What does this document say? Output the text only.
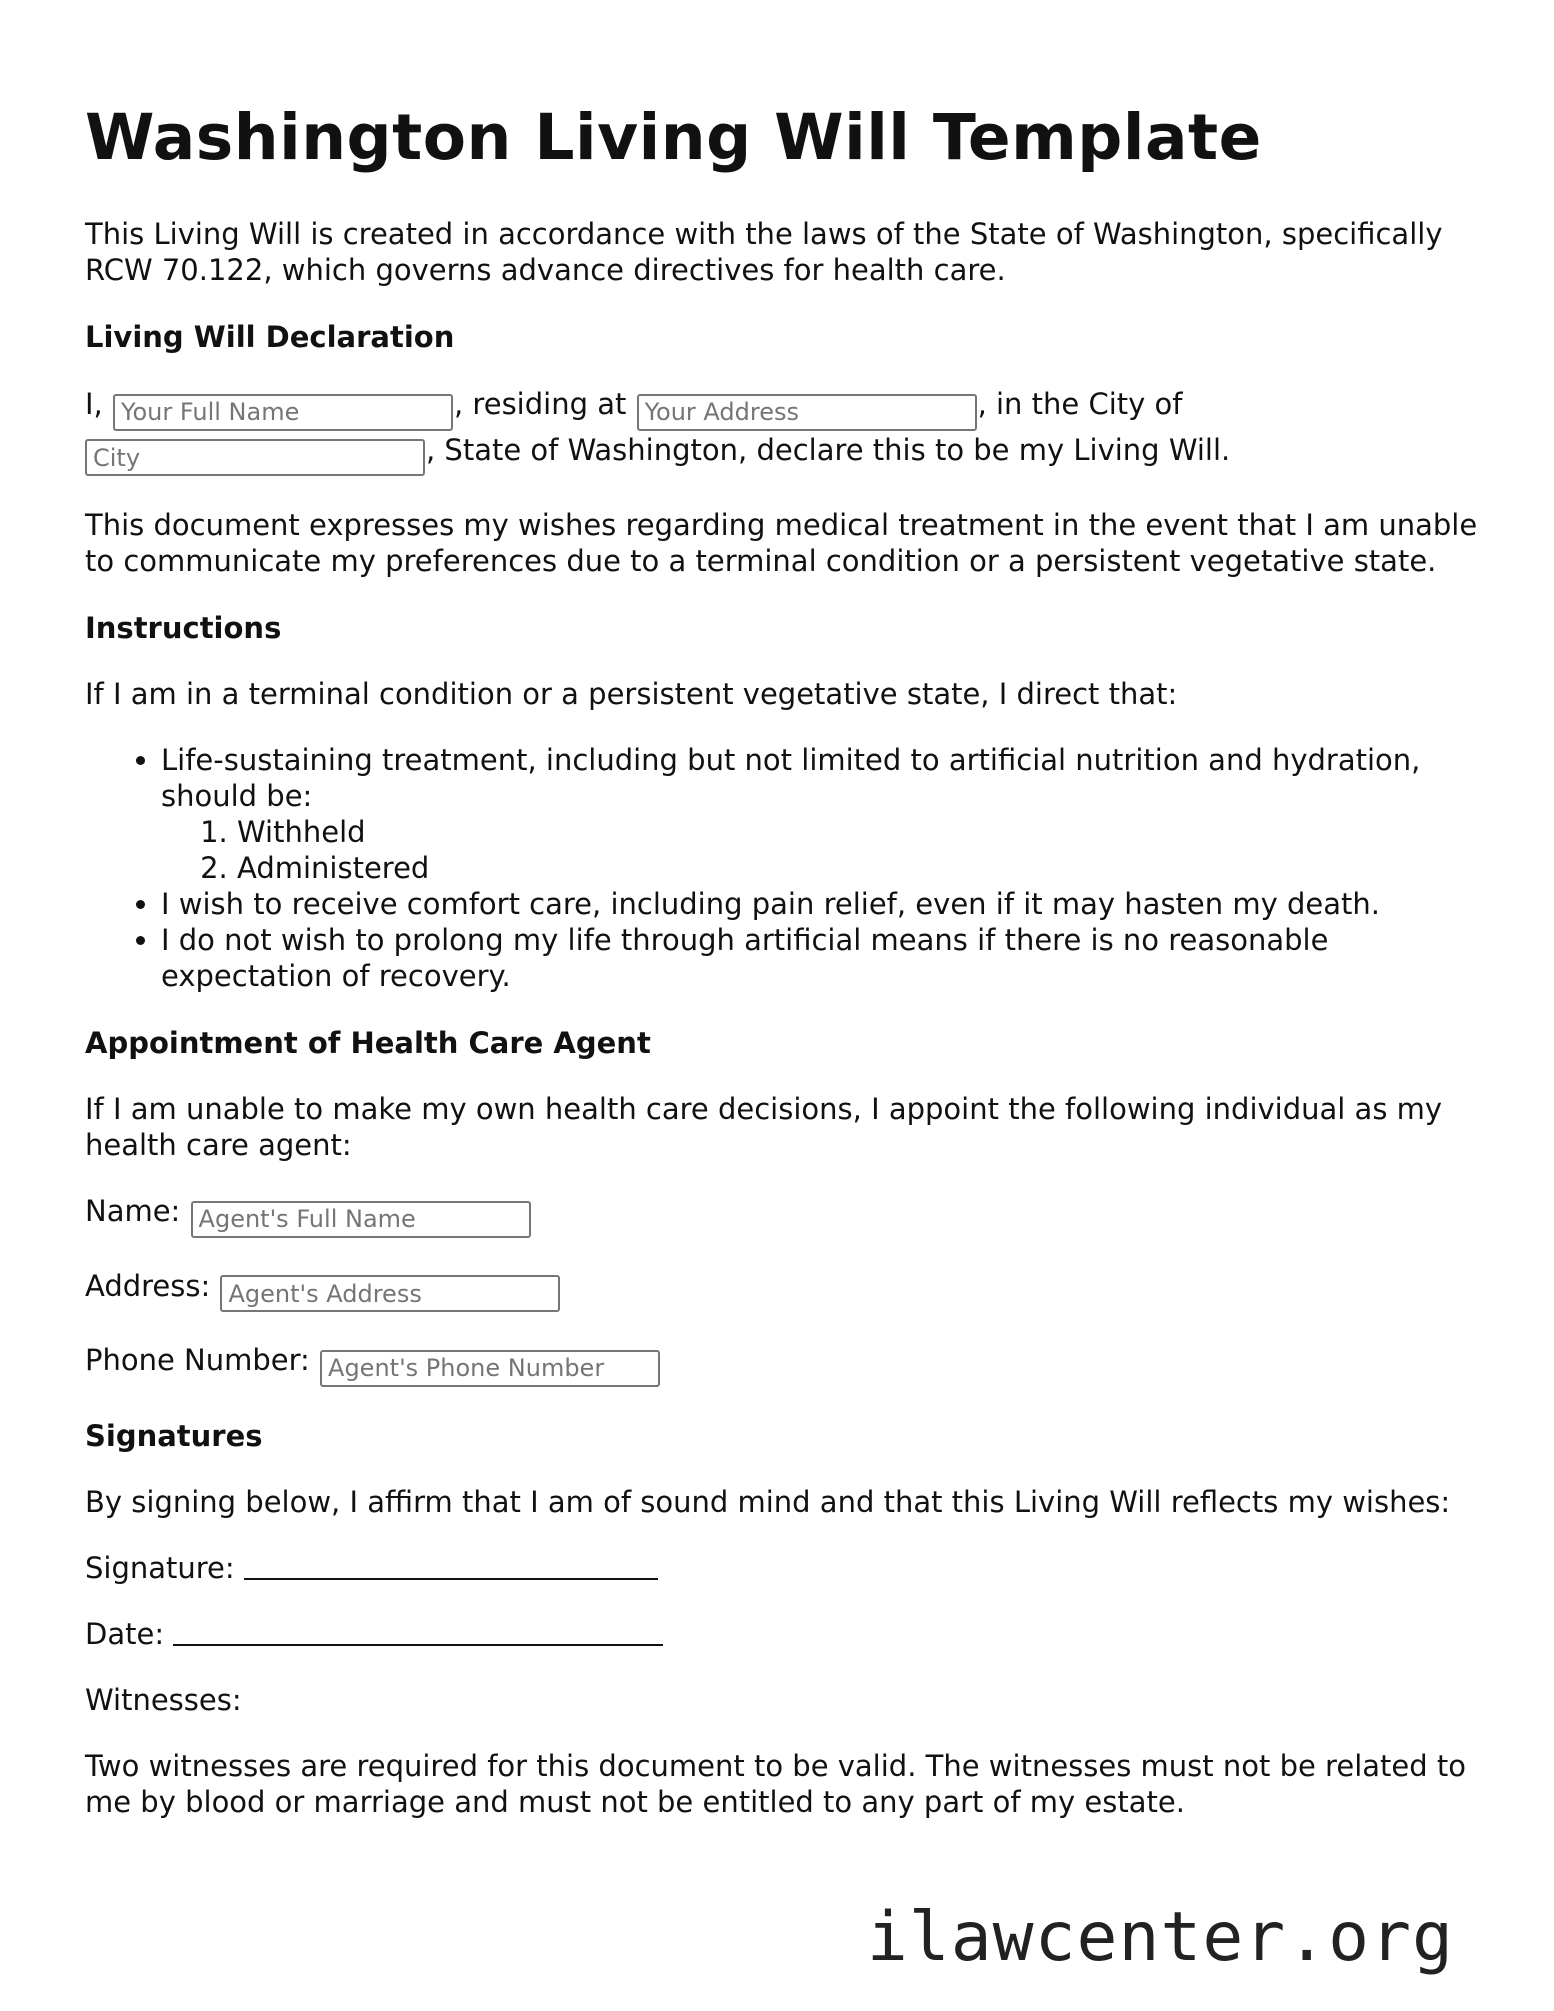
Washington Living Will Template

This Living Will is created in accordance with the laws of the State of Washington, specifically RCW 70.122, which governs advance directives for health care.

Living Will Declaration

I, Your Full Name	, residing at Your Address	, in the City of
City, State of Washington, declare this to be my Living Will.

This document expresses my wishes regarding medical treatment in the event that I am unable to communicate my preferences due to a terminal condition or a persistent vegetative state.

Instructions

If I am in a terminal condition or a persistent vegetative state, I direct that:

• Life-sustaining treatment, including but not limited to artificial nutrition and hydration, should be:
1. Withheld
2. Administered
• I wish to receive comfort care, including pain relief, even if it may hasten my death.
• I do not wish to prolong my life through artificial means if there is no reasonable expectation of recovery.
Appointment of Health Care Agent

If I am unable to make my own health care decisions, I appoint the following individual as my health care agent:

Name: Agent's Full Name

Address: Agent's Address

Phone Number: Agent's Phone Number

Signatures

By signing below, I affirm that I am of sound mind and that this Living Will reflects my wishes:

Signature:

Date:

Witnesses:

Two witnesses are required for this document to be valid. The witnesses must not be related to me by blood or marriage and must not be entitled to any part of my estate.

ilawcenter.org
